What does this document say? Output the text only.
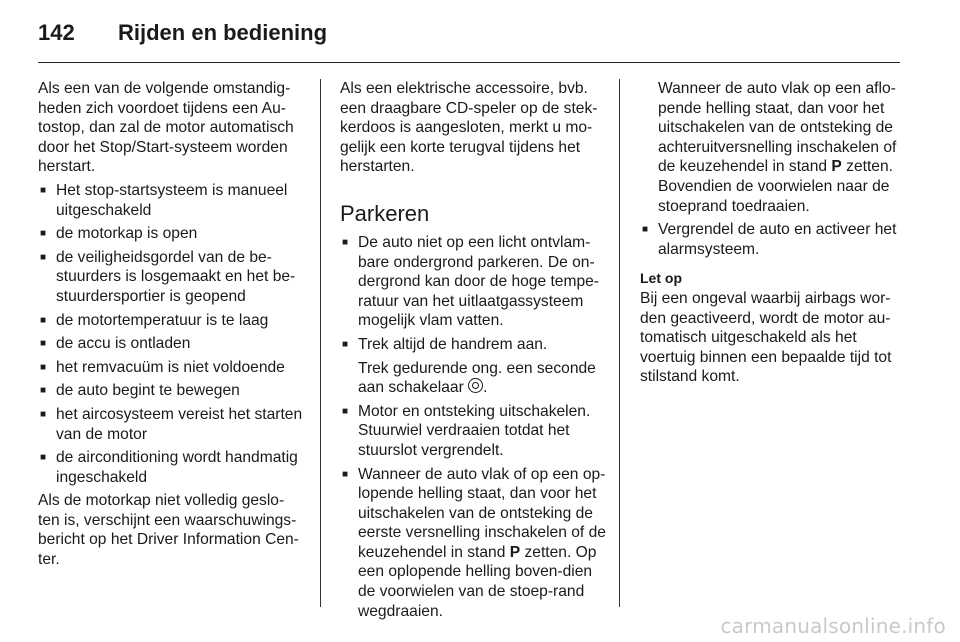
142 Rijden en bediening

Als een van de volgende omstandig-heden zich voordoet tijdens een Au-tostop, dan zal de motor automatisch door het Stop/Start-systeem worden herstart.

■ Het stop-startsysteem is manueel uitgeschakeld
■ de motorkap is open
■ de veiligheidsgordel van de be-stuurders is losgemaakt en het be-stuurdersportier is geopend
■ de motortemperatuur is te laag
■ de accu is ontladen
■ het remvacuüm is niet voldoende
■ de auto begint te bewegen
■ het aircosysteem vereist het starten van de motor
■ de airconditioning wordt handmatig ingeschakeld

Als de motorkap niet volledig geslo-ten is, verschijnt een waarschuwings-bericht op het Driver Information Cen-ter.

Als een elektrische accessoire, bvb. een draagbare CD-speler op de stek-kerdoos is aangesloten, merkt u mo-gelijk een korte terugval tijdens het herstarten.

Parkeren
■ De auto niet op een licht ontvlam-bare ondergrond parkeren. De on-dergrond kan door de hoge tempe-ratuur van het uitlaatgassysteem mogelijk vlam vatten.
■ Trek altijd de handrem aan.

Trek gedurende ong. een seconde aan schakelaar .

■ Motor en ontsteking uitschakelen. Stuurwiel verdraaien totdat het stuurslot vergrendelt.
■ Wanneer de auto vlak of op een op-lopende helling staat, dan voor het uitschakelen van de ontsteking de eerste versnelling inschakelen of de keuzehendel in stand P zetten. Op een oplopende helling boven-dien de voorwielen van de stoep-rand wegdraaien.

Wanneer de auto vlak op een aflo-pende helling staat, dan voor het uitschakelen van de ontsteking de achteruitversnelling inschakelen of de keuzehendel in stand P zetten. Bovendien de voorwielen naar de stoeprand toedraaien.

■ Vergrendel de auto en activeer het alarmsysteem.

Let op

Bij een ongeval waarbij airbags wor-den geactiveerd, wordt de motor au-tomatisch uitgeschakeld als het voertuig binnen een bepaalde tijd tot stilstand komt.

carmanualsonline.info
